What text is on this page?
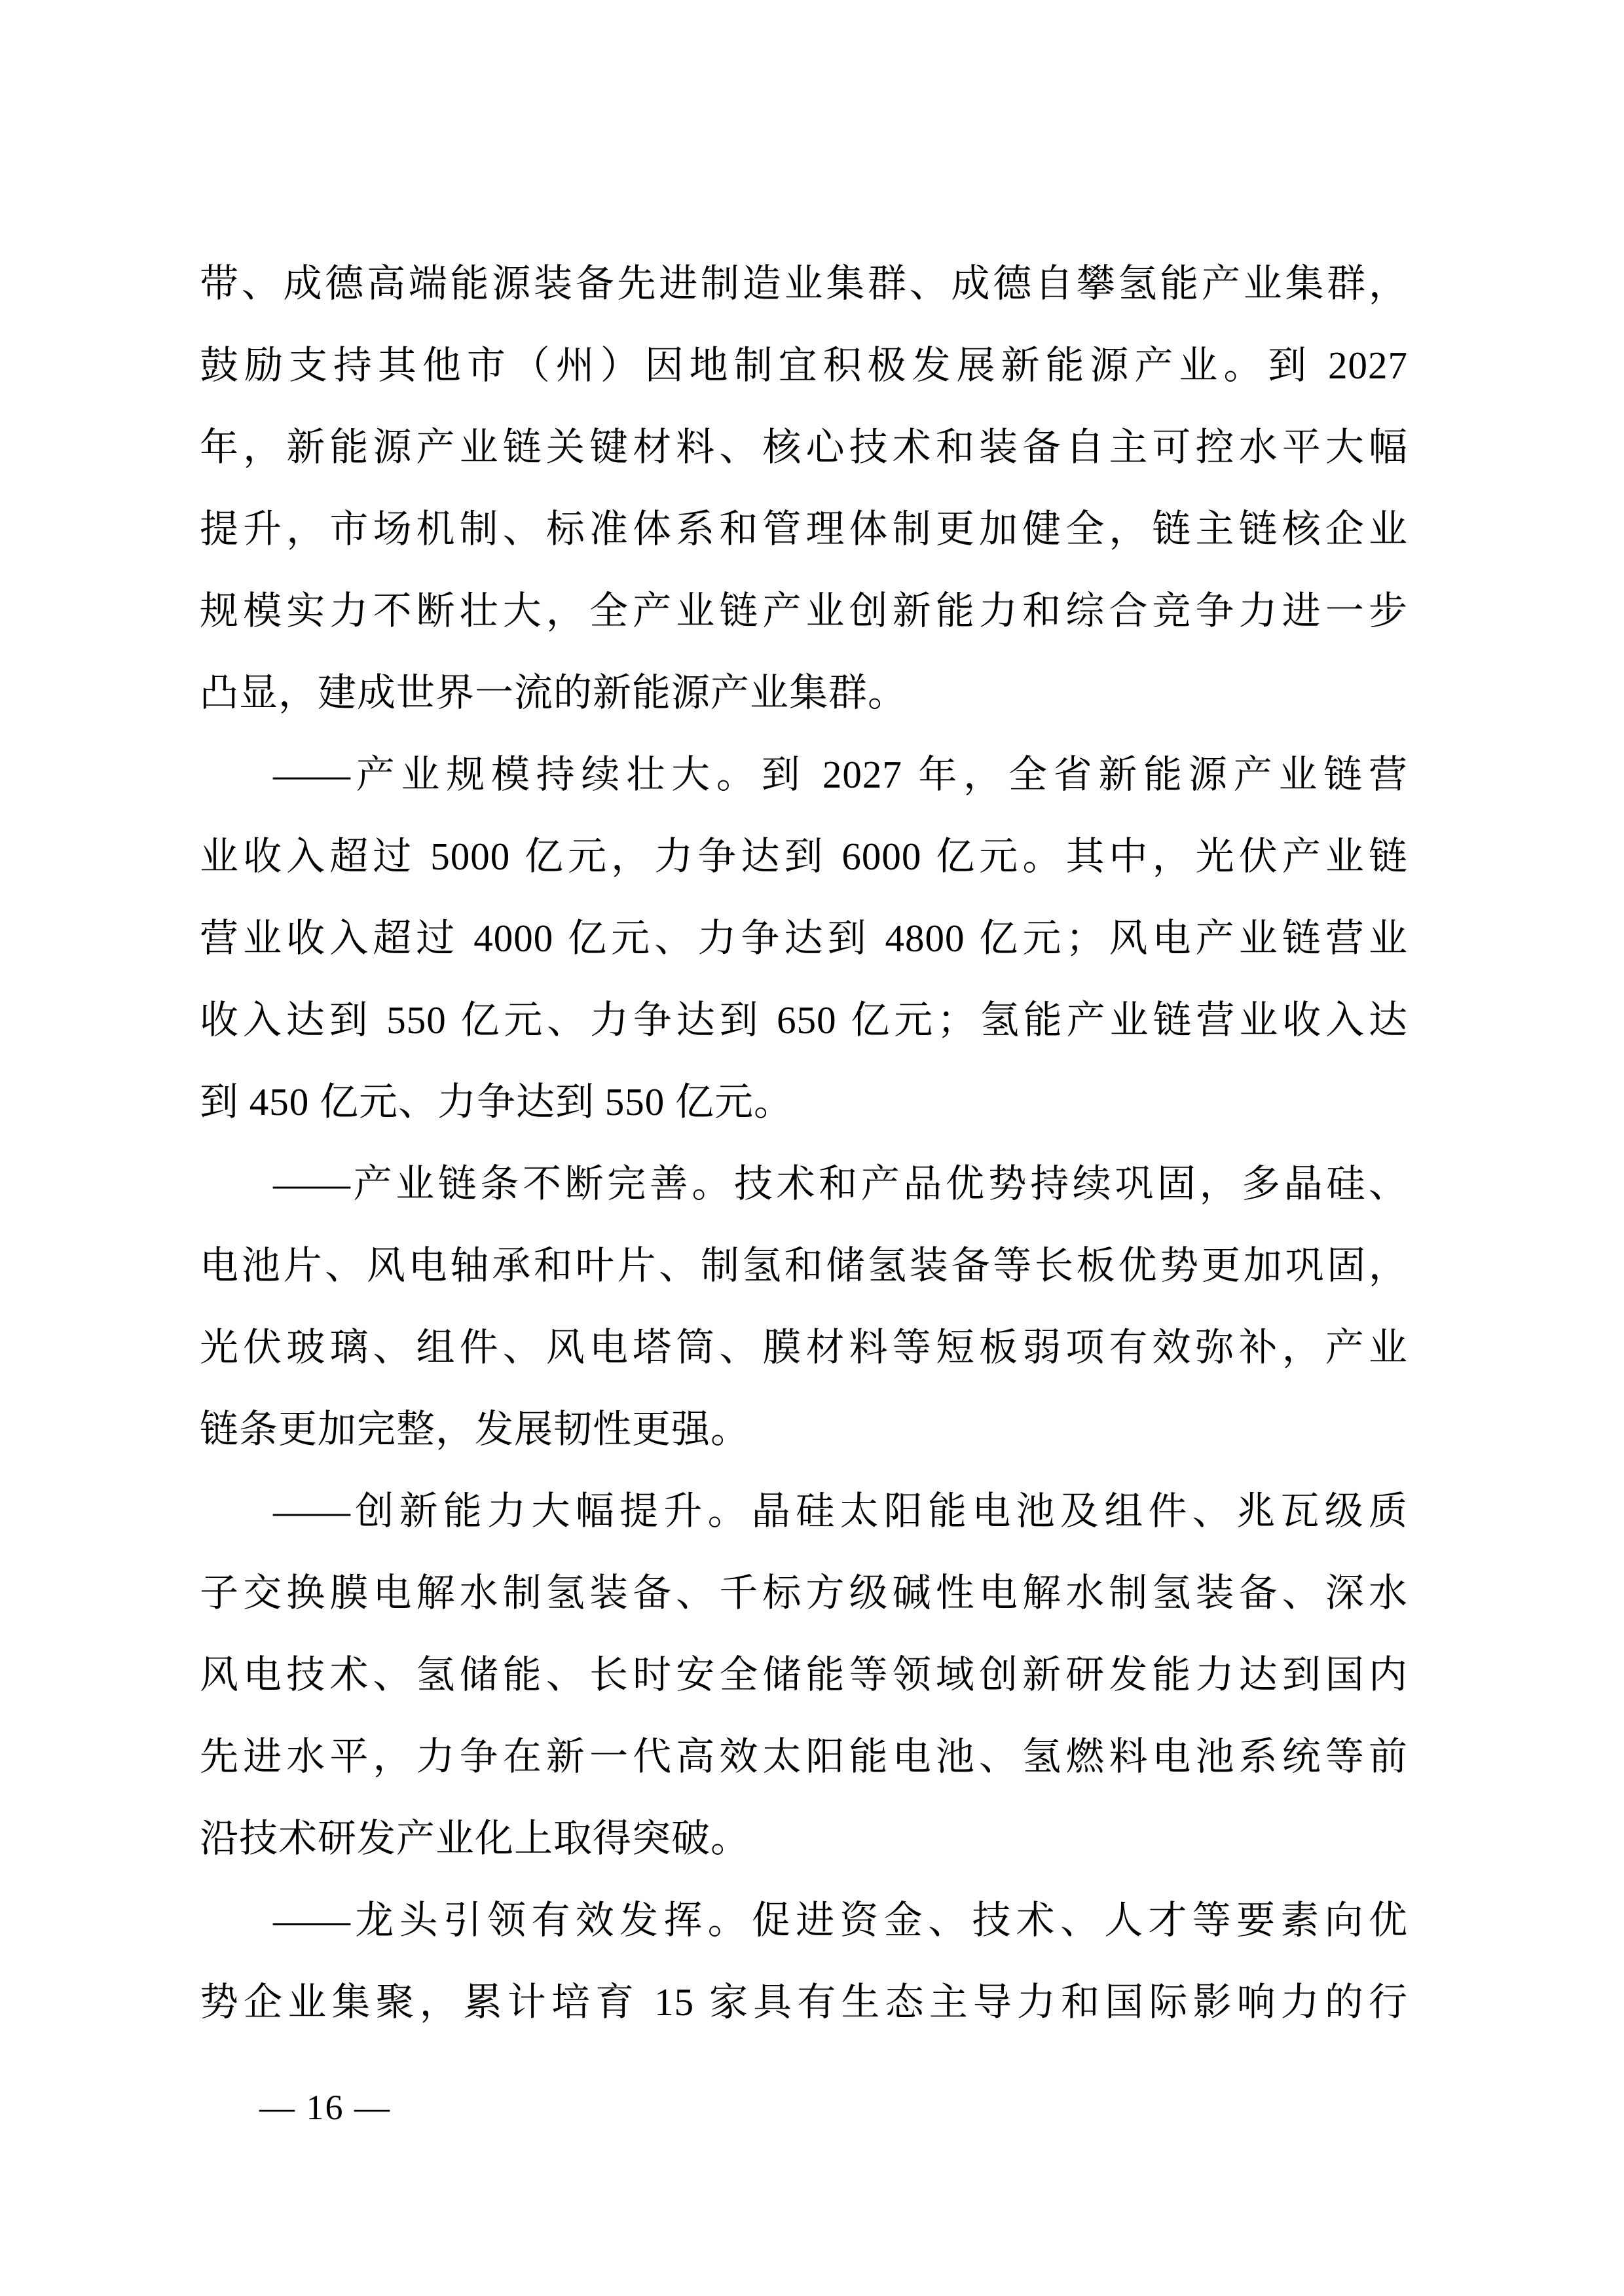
带、成德高端能源装备先进制造业集群、成德自攀氢能产业集群，
鼓励支持其他市（州）因地制宜积极发展新能源产业。到 2027
年，新能源产业链关键材料、核心技术和装备自主可控水平大幅
提升，市场机制、标准体系和管理体制更加健全，链主链核企业
规模实力不断壮大，全产业链产业创新能力和综合竞争力进一步
凸显，建成世界一流的新能源产业集群。
——产业规模持续壮大。到 2027 年，全省新能源产业链营
业收入超过 5000 亿元，力争达到 6000 亿元。其中，光伏产业链
营业收入超过 4000 亿元、力争达到 4800 亿元；风电产业链营业
收入达到 550 亿元、力争达到 650 亿元；氢能产业链营业收入达
到 450 亿元、力争达到 550 亿元。
——产业链条不断完善。技术和产品优势持续巩固，多晶硅、
电池片、风电轴承和叶片、制氢和储氢装备等长板优势更加巩固，
光伏玻璃、组件、风电塔筒、膜材料等短板弱项有效弥补，产业
链条更加完整，发展韧性更强。
——创新能力大幅提升。晶硅太阳能电池及组件、兆瓦级质
子交换膜电解水制氢装备、千标方级碱性电解水制氢装备、深水
风电技术、氢储能、长时安全储能等领域创新研发能力达到国内
先进水平，力争在新一代高效太阳能电池、氢燃料电池系统等前
沿技术研发产业化上取得突破。
——龙头引领有效发挥。促进资金、技术、人才等要素向优
势企业集聚，累计培育 15 家具有生态主导力和国际影响力的行
— 16 —
